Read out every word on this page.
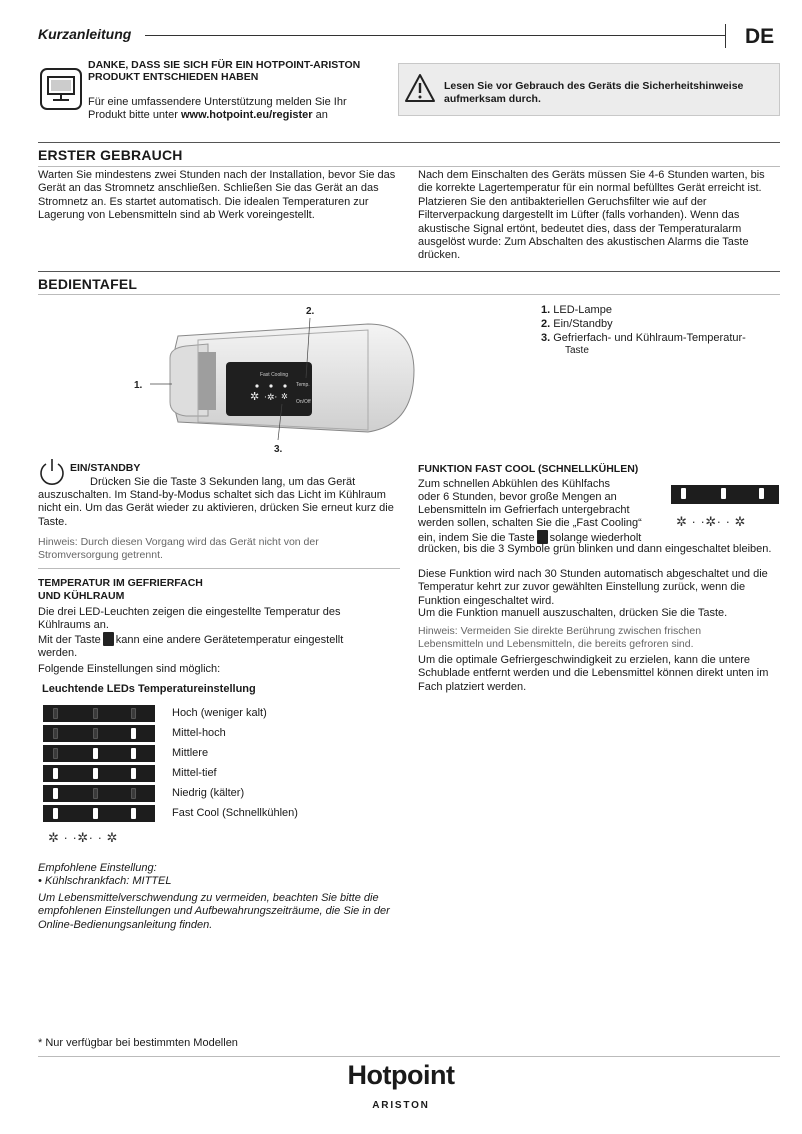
Kurzanleitung	DE
DANKE, DASS SIE SICH FÜR EIN HOTPOINT-ARISTON PRODUKT ENTSCHIEDEN HABEN
Für eine umfassendere Unterstützung melden Sie Ihr Produkt bitte unter www.hotpoint.eu/register an
Lesen Sie vor Gebrauch des Geräts die Sicherheitshinweise aufmerksam durch.
ERSTER GEBRAUCH
Warten Sie mindestens zwei Stunden nach der Installation, bevor Sie das Gerät an das Stromnetz anschließen. Schließen Sie das Gerät an das Stromnetz an. Es startet automatisch. Die idealen Temperaturen zur Lagerung von Lebensmitteln sind ab Werk voreingestellt.
Nach dem Einschalten des Geräts müssen Sie 4-6 Stunden warten, bis die korrekte Lagertemperatur für ein normal befülltes Gerät erreicht ist. Platzieren Sie den antibakteriellen Geruchsfilter wie auf der Filterverpackung dargestellt im Lüfter (falls vorhanden). Wenn das akustische Signal ertönt, bedeutet dies, dass der Temperaturalarm ausgelöst wurde: Zum Abschalten des akustischen Alarms die Taste drücken.
BEDIENTAFEL
Fast Cooling
✲ ·✲· ✲
Temp.
On/Off
2.
1.
3.
1. LED-Lampe
2. Ein/Standby
3. Gefrierfach- und Kühlraum-Temperatur-
Taste
EIN/STANDBY
Drücken Sie die Taste 3 Sekunden lang, um das Gerät
auszuschalten. Im Stand-by-Modus schaltet sich das Licht im Kühlraum nicht ein. Um das Gerät wieder zu aktivieren, drücken Sie erneut kurz die Taste.
Hinweis: Durch diesen Vorgang wird das Gerät nicht von der Stromversorgung getrennt.
TEMPERATUR IM GEFRIERFACH
UND KÜHLRAUM
Die drei LED-Leuchten zeigen die eingestellte Temperatur des Kühlraums an.
Mit der Taste kann eine andere Gerätetemperatur eingestellt werden.
Folgende Einstellungen sind möglich:
Leuchtende LEDs Temperatureinstellung
Hoch (weniger kalt)
Mittel-hoch
Mittlere
Mittel-tief
Niedrig (kälter)
Fast Cool (Schnellkühlen)
✲ · ·✲· · ✲
Empfohlene Einstellung:
• Kühlschrankfach: MITTEL
Um Lebensmittelverschwendung zu vermeiden, beachten Sie bitte die empfohlenen Einstellungen und Aufbewahrungszeiträume, die Sie in der Online-Bedienungsanleitung finden.
FUNKTION FAST COOL (SCHNELLKÜHLEN)
Zum schnellen Abkühlen des Kühlfachs
oder 6 Stunden, bevor große Mengen an
Lebensmitteln im Gefrierfach untergebracht
werden sollen, schalten Sie die „Fast Cooling“
ein, indem Sie die Taste solange wiederholt
drücken, bis die 3 Symbole grün blinken und dann eingeschaltet bleiben.
Diese Funktion wird nach 30 Stunden automatisch abgeschaltet und die Temperatur kehrt zur zuvor gewählten Einstellung zurück, wenn die Funktion eingeschaltet wird.
Um die Funktion manuell auszuschalten, drücken Sie die Taste.
Hinweis: Vermeiden Sie direkte Berührung zwischen frischen Lebensmitteln und Lebensmitteln, die bereits gefroren sind.
Um die optimale Gefriergeschwindigkeit zu erzielen, kann die untere Schublade entfernt werden und die Lebensmittel können direkt unten im Fach platziert werden.
✲ · ·✲· · ✲
* Nur verfügbar bei bestimmten Modellen
Hotpoint
ARISTON
